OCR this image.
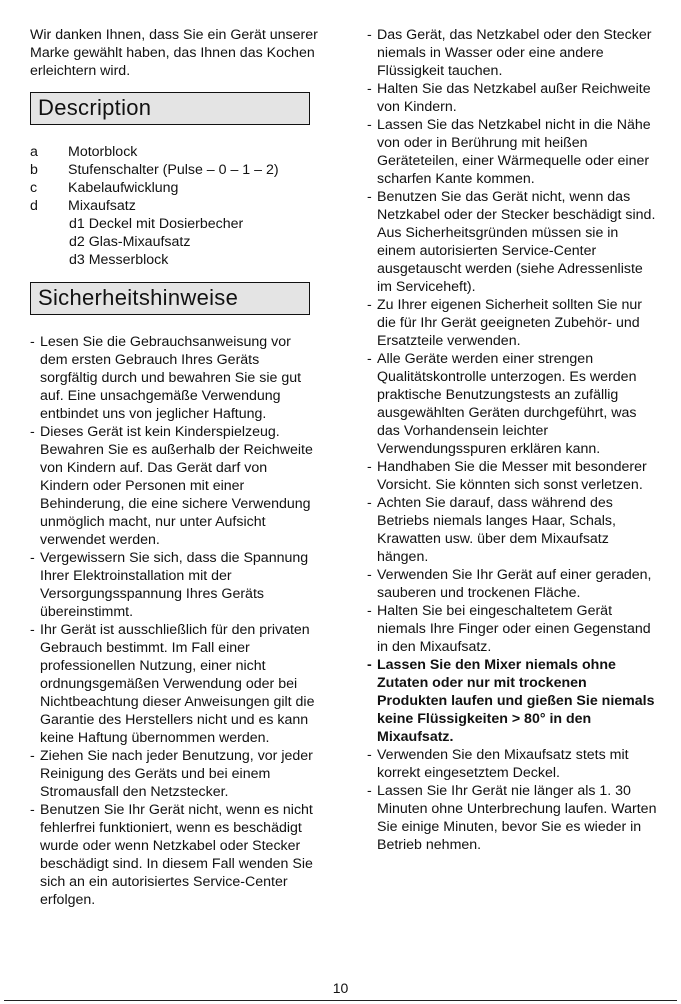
Wir danken Ihnen, dass Sie ein Gerät unserer Marke gewählt haben, das Ihnen das Kochen erleichtern wird.

Description
a	Motorblock
b	Stufenschalter (Pulse – 0 – 1 – 2)
c	Kabelaufwicklung
d	Mixaufsatz
d1 Deckel mit Dosierbecher
d2 Glas-Mixaufsatz
d3 Messerblock
Sicherheitshinweise
- Lesen Sie die Gebrauchsanweisung vor dem ersten Gebrauch Ihres Geräts sorgfältig durch und bewahren Sie sie gut auf. Eine unsachgemäße Verwendung entbindet uns von jeglicher Haftung.
- Dieses Gerät ist kein Kinderspielzeug. Bewahren Sie es außerhalb der Reichweite von Kindern auf. Das Gerät darf von Kindern oder Personen mit einer Behinderung, die eine sichere Verwendung unmöglich macht, nur unter Aufsicht verwendet werden.
- Vergewissern Sie sich, dass die Spannung Ihrer Elektroinstallation mit der Versorgungsspannung Ihres Geräts übereinstimmt.
- Ihr Gerät ist ausschließlich für den privaten Gebrauch bestimmt. Im Fall einer professionellen Nutzung, einer nicht ordnungsgemäßen Verwendung oder bei Nichtbeachtung dieser Anweisungen gilt die Garantie des Herstellers nicht und es kann keine Haftung übernommen werden.
- Ziehen Sie nach jeder Benutzung, vor jeder Reinigung des Geräts und bei einem Stromausfall den Netzstecker.
- Benutzen Sie Ihr Gerät nicht, wenn es nicht fehlerfrei funktioniert, wenn es beschädigt wurde oder wenn Netzkabel oder Stecker beschädigt sind. In diesem Fall wenden Sie sich an ein autorisiertes Service-Center erfolgen.
- Das Gerät, das Netzkabel oder den Stecker niemals in Wasser oder eine andere Flüssigkeit tauchen.
- Halten Sie das Netzkabel außer Reichweite von Kindern.
- Lassen Sie das Netzkabel nicht in die Nähe von oder in Berührung mit heißen Geräteteilen, einer Wärmequelle oder einer scharfen Kante kommen.
- Benutzen Sie das Gerät nicht, wenn das Netzkabel oder der Stecker beschädigt sind. Aus Sicherheitsgründen müssen sie in einem autorisierten Service-Center ausgetauscht werden (siehe Adressenliste im Serviceheft).
- Zu Ihrer eigenen Sicherheit sollten Sie nur die für Ihr Gerät geeigneten Zubehör- und Ersatzteile verwenden.
- Alle Geräte werden einer strengen Qualitätskontrolle unterzogen. Es werden praktische Benutzungstests an zufällig ausgewählten Geräten durchgeführt, was das Vorhandensein leichter Verwendungsspuren erklären kann.
- Handhaben Sie die Messer mit besonderer Vorsicht. Sie könnten sich sonst verletzen.
- Achten Sie darauf, dass während des Betriebs niemals langes Haar, Schals, Krawatten usw. über dem Mixaufsatz hängen.
- Verwenden Sie Ihr Gerät auf einer geraden, sauberen und trockenen Fläche.
- Halten Sie bei eingeschaltetem Gerät niemals Ihre Finger oder einen Gegenstand in den Mixaufsatz.
- Lassen Sie den Mixer niemals ohne Zutaten oder nur mit trockenen Produkten laufen und gießen Sie niemals keine Flüssigkeiten > 80° in den Mixaufsatz.
- Verwenden Sie den Mixaufsatz stets mit korrekt eingesetztem Deckel.
- Lassen Sie Ihr Gerät nie länger als 1. 30 Minuten ohne Unterbrechung laufen. Warten Sie einige Minuten, bevor Sie es wieder in Betrieb nehmen.
10
